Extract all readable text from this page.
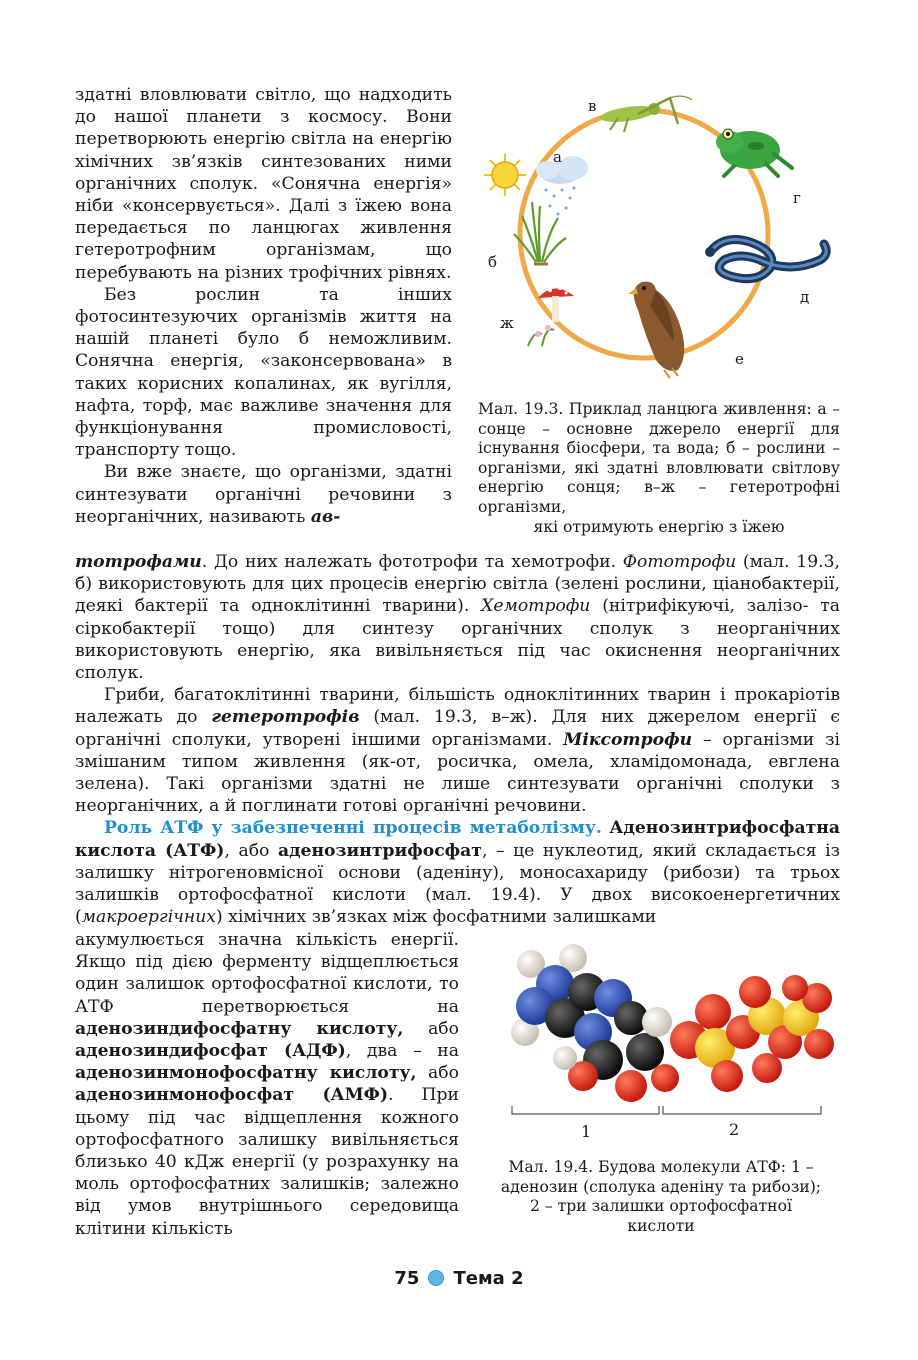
здатні вловлювати світло, що надходить до нашої планети з космосу. Вони перетворюють енергію світла на енергію хімічних зв’язків синтезованих ними органічних сполук. «Сонячна енергія» ніби «консервується». Далі з їжею вона передається по ланцюгах живлення гетеротрофним організмам, що перебувають на різних трофічних рівнях.

Без рослин та інших фотосинтезуючих організмів життя на нашій планеті було б неможливим. Сонячна енергія, «законсервована» в таких корисних копалинах, як вугілля, нафта, торф, має важливе значення для функціонування промисловості, транспорту тощо.

Ви вже знаєте, що організми, здатні синтезувати органічні речовини з неорганічних, називають ав-

а
б
в
г
д
е
ж
Мал. 19.3. Приклад ланцюга живлення: а – сонце – основне джерело енергії для існування біосфери, та вода; б – рослини – організми, які здатні вловлювати світлову енергію сонця; в–ж – гетеротрофні організми,
які отримують енергію з їжею

тотрофами. До них належать фототрофи та хемотрофи. Фототрофи (мал. 19.3, б) використовують для цих процесів енергію світла (зелені рослини, ціанобактерії, деякі бактерії та одноклітинні тварини). Хемотрофи (нітрифікуючі, залізо- та сіркобактерії тощо) для синтезу органічних сполук з неорганічних використовують енергію, яка вивільняється під час окиснення неорганічних сполук.

Гриби, багатоклітинні тварини, більшість одноклітинних тварин і прокаріотів належать до гетеротрофів (мал. 19.3, в–ж). Для них джерелом енергії є органічні сполуки, утворені іншими організмами. Міксотрофи – організми зі змішаним типом живлення (як-от, росичка, омела, хламідомонада, евглена зелена). Такі організми здатні не лише синтезувати органічні сполуки з неорганічних, а й поглинати готові органічні речовини.

Роль АТФ у забезпеченні процесів метаболізму. Аденозинтрифосфатна кислота (АТФ), або аденозинтрифосфат, – це нуклеотид, який складається із залишку нітрогеновмісної основи (аденіну), моносахариду (рибози) та трьох залишків ортофосфатної кислоти (мал. 19.4). У двох високоенергетичних (макроергічних) хімічних зв’язках між фосфатними залишками

акумулюється значна кількість енергії. Якщо під дією ферменту відщеплюється один залишок ортофосфатної кислоти, то АТФ перетворюється на аденозиндифосфатну кислоту, або аденозиндифосфат (АДФ), два – на аденозинмонофосфатну кислоту, або аденозинмонофосфат (АМФ). При цьому під час відщеплення кожного ортофосфатного залишку вивільняється близько 40 кДж енергії (у розрахунку на моль ортофосфатних залишків; залежно від умов внутрішнього середовища клітини кількість

1	2
Мал. 19.4. Будова молекули АТФ: 1 – аденозин (сполука аденіну та рибози); 2 – три залишки ортофосфатної кислоти
75 Тема 2
